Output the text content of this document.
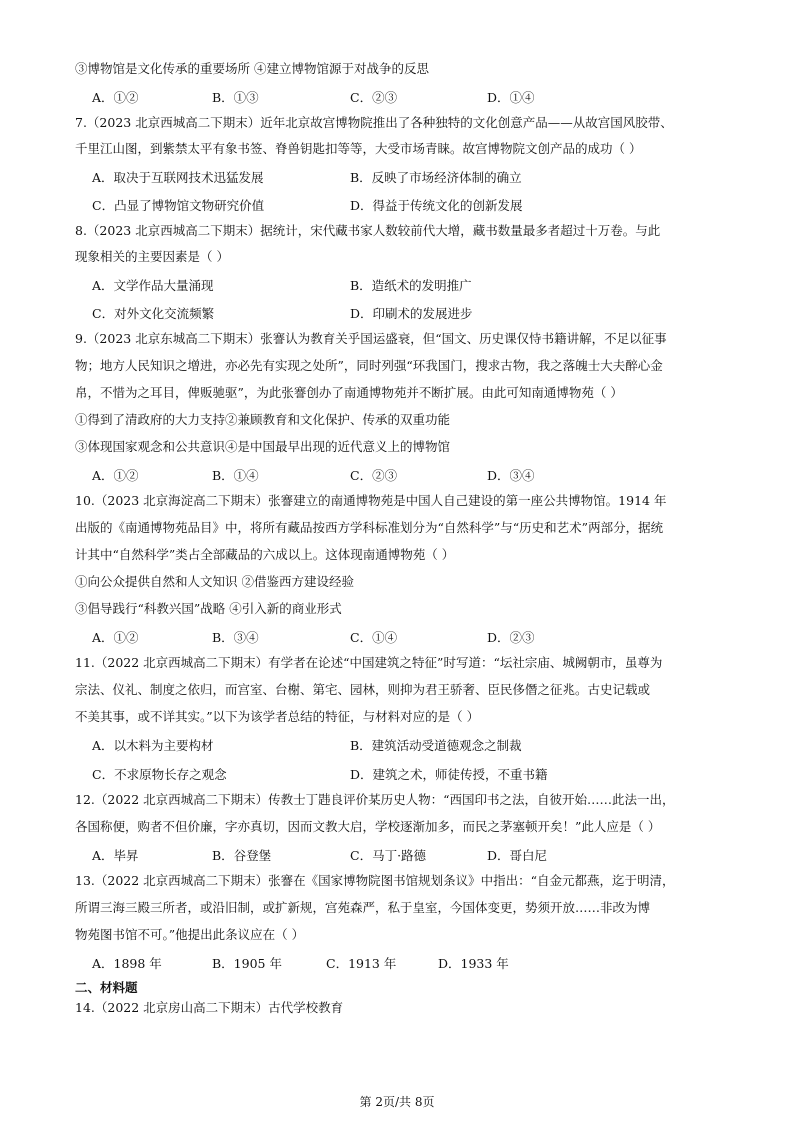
③博物馆是文化传承的重要场所 ④建立博物馆源于对战争的反思
A．①②	B．①③	C．②③	D．①④
7.（2023 北京西城高二下期末）近年北京故宫博物院推出了各种独特的文化创意产品——从故宫国风胶带、
千里江山图，到紫禁太平有象书签、脊兽钥匙扣等等，大受市场青睐。故宫博物院文创产品的成功（ ）
A．取决于互联网技术迅猛发展	B．反映了市场经济体制的确立
C．凸显了博物馆文物研究价值	D．得益于传统文化的创新发展
8.（2023 北京西城高二下期末）据统计，宋代藏书家人数较前代大增，藏书数量最多者超过十万卷。与此
现象相关的主要因素是（ ）
A．文学作品大量涌现	B．造纸术的发明推广
C．对外文化交流频繁	D．印刷术的发展进步
9.（2023 北京东城高二下期末）张謇认为教育关乎国运盛衰，但“国文、历史课仅恃书籍讲解，不足以征事
物；地方人民知识之增进，亦必先有实现之处所”，同时列强“环我国门，搜求古物，我之落魄士大夫醉心金
帛，不惜为之耳目，俾贩驰驱”，为此张謇创办了南通博物苑并不断扩展。由此可知南通博物苑（ ）
①得到了清政府的大力支持②兼顾教育和文化保护、传承的双重功能
③体现国家观念和公共意识④是中国最早出现的近代意义上的博物馆
A．①②	B．①④	C．②③	D．③④
10.（2023 北京海淀高二下期末）张謇建立的南通博物苑是中国人自己建设的第一座公共博物馆。1914 年
出版的《南通博物苑品目》中，将所有藏品按西方学科标准划分为“自然科学”与“历史和艺术”两部分，据统
计其中“自然科学”类占全部藏品的六成以上。这体现南通博物苑（ ）
①向公众提供自然和人文知识 ②借鉴西方建设经验
③倡导践行“科教兴国”战略 ④引入新的商业形式
A．①②	B．③④	C．①④	D．②③
11.（2022 北京西城高二下期末）有学者在论述“中国建筑之特征”时写道：“坛社宗庙、城阙朝市，虽尊为
宗法、仪礼、制度之依归，而宫室、台榭、第宅、园林，则抑为君王骄奢、臣民侈僭之征兆。古史记载或
不美其事，或不详其实。”以下为该学者总结的特征，与材料对应的是（ ）
A．以木料为主要构材	B．建筑活动受道德观念之制裁
C．不求原物长存之观念	D．建筑之术，师徒传授，不重书籍
12.（2022 北京西城高二下期末）传教士丁韪良评价某历史人物：“西国印书之法，自彼开始……此法一出，
各国称便，购者不但价廉，字亦真切，因而文教大启，学校逐渐加多，而民之茅塞顿开矣！”此人应是（ ）
A．毕昇	B．谷登堡	C．马丁·路德	D．哥白尼
13.（2022 北京西城高二下期末）张謇在《国家博物院图书馆规划条议》中指出：“自金元都燕，迄于明清，
所谓三海三殿三所者，或沿旧制，或扩新规，宫苑森严，私于皇室，今国体变更，势须开放……非改为博
物苑图书馆不可。”他提出此条议应在（ ）
A．1898 年	B．1905 年	C．1913 年	D．1933 年
二、材料题
14.（2022 北京房山高二下期末）古代学校教育
第 2页/共 8页
